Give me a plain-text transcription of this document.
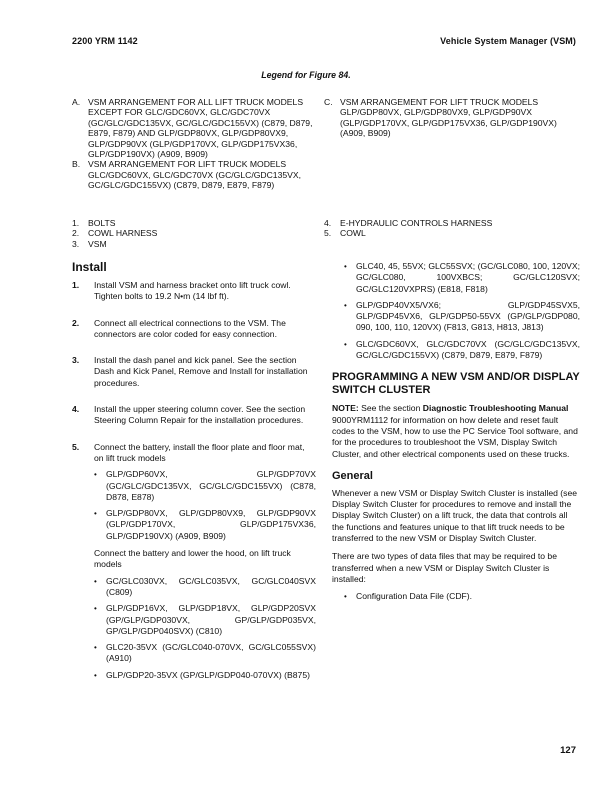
2200 YRM 1142	Vehicle System Manager (VSM)
Legend for Figure 84.
A. VSM ARRANGEMENT FOR ALL LIFT TRUCK MODELS EXCEPT FOR GLC/GDC60VX, GLC/GDC70VX (GC/GLC/GDC135VX, GC/GLC/GDC155VX) (C879, D879, E879, F879) AND GLP/GDP80VX, GLP/GDP80VX9, GLP/GDP90VX (GLP/GDP170VX, GLP/GDP175VX36, GLP/GDP190VX) (A909, B909)
B. VSM ARRANGEMENT FOR LIFT TRUCK MODELS GLC/GDC60VX, GLC/GDC70VX (GC/GLC/GDC135VX, GC/GLC/GDC155VX) (C879, D879, E879, F879)
C. VSM ARRANGEMENT FOR LIFT TRUCK MODELS GLP/GDP80VX, GLP/GDP80VX9, GLP/GDP90VX (GLP/GDP170VX, GLP/GDP175VX36, GLP/GDP190VX) (A909, B909)
1.	BOLTS
2.	COWL HARNESS
3.	VSM
4.	E-HYDRAULIC CONTROLS HARNESS
5.	COWL
Install
1.	Install VSM and harness bracket onto lift truck cowl. Tighten bolts to 19.2 N•m (14 lbf ft).
2.	Connect all electrical connections to the VSM. The connectors are color coded for easy connection.
3.	Install the dash panel and kick panel. See the section Dash and Kick Panel, Remove and Install for installation procedures.
4.	Install the upper steering column cover. See the section Steering Column Repair for the installation procedures.
5.	Connect the battery, install the floor plate and floor mat, on lift truck models
•	GLP/GDP60VX, GLP/GDP70VX (GC/GLC/GDC135VX, GC/GLC/GDC155VX) (C878, D878, E878)
•	GLP/GDP80VX, GLP/GDP80VX9, GLP/GDP90VX (GLP/GDP170VX, GLP/GDP175VX36, GLP/GDP190VX) (A909, B909)
Connect the battery and lower the hood, on lift truck models
•	GC/GLC030VX, GC/GLC035VX, GC/GLC040SVX (C809)
•	GLP/GDP16VX, GLP/GDP18VX, GLP/GDP20SVX (GP/GLP/GDP030VX, GP/GLP/GDP035VX, GP/GLP/GDP040SVX) (C810)
•	GLC20-35VX (GC/GLC040-070VX, GC/GLC055SVX) (A910)
•	GLP/GDP20-35VX (GP/GLP/GDP040-070VX) (B875)
•	GLC40, 45, 55VX; GLC55SVX; (GC/GLC080, 100, 120VX; GC/GLC080, 100VXBCS; GC/GLC120SVX; GC/GLC120VXPRS) (E818, F818)
•	GLP/GDP40VX5/VX6; GLP/GDP45SVX5, GLP/GDP45VX6, GLP/GDP50-55VX (GP/GLP/GDP080, 090, 100, 110, 120VX) (F813, G813, H813, J813)
•	GLC/GDC60VX, GLC/GDC70VX (GC/GLC/GDC135VX, GC/GLC/GDC155VX) (C879, D879, E879, F879)
PROGRAMMING A NEW VSM AND/OR DISPLAY SWITCH CLUSTER
NOTE: See the section Diagnostic Troubleshooting Manual 9000YRM1112 for information on how delete and reset fault codes to the VSM, how to use the PC Service Tool software, and for the procedures to troubleshoot the VSM, Display Switch Cluster, and other electrical components used on these trucks.
General
Whenever a new VSM or Display Switch Cluster is installed (see Display Switch Cluster for procedures to remove and install the Display Switch Cluster) on a lift truck, the data that controls all the functions and features unique to that lift truck needs to be transferred to the new VSM or Display Switch Cluster.
There are two types of data files that may be required to be transferred when a new VSM or Display Switch Cluster is installed:
•	Configuration Data File (CDF).
127
